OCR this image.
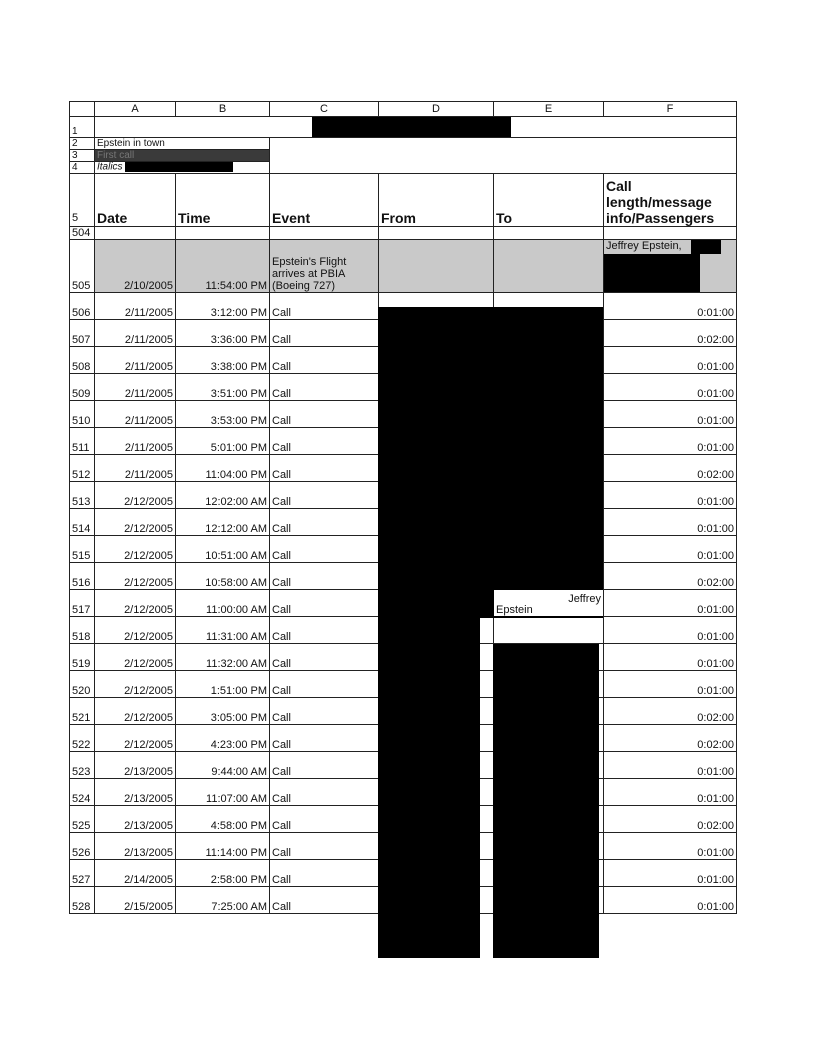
	A	B	C	D	E	F
1						

2	Epstein in town					
3	First call					
4	Italics					
5	Date	Time	Event	From	To	Call length/message info/Passengers
504						
505	2/10/2005	11:54:00 PM	Epstein's Flight arrives at PBIA (Boeing 727)			Jeffrey Epstein,

506	2/11/2005	3:12:00 PM	Call			0:01:00
507	2/11/2005	3:36:00 PM	Call			0:02:00
508	2/11/2005	3:38:00 PM	Call			0:01:00
509	2/11/2005	3:51:00 PM	Call			0:01:00
510	2/11/2005	3:53:00 PM	Call			0:01:00
511	2/11/2005	5:01:00 PM	Call			0:01:00
512	2/11/2005	11:04:00 PM	Call			0:02:00
513	2/12/2005	12:02:00 AM	Call			0:01:00
514	2/12/2005	12:12:00 AM	Call			0:01:00
515	2/12/2005	10:51:00 AM	Call			0:01:00
516	2/12/2005	10:58:00 AM	Call			0:02:00
517	2/12/2005	11:00:00 AM	Call		Jeffrey
Epstein	0:01:00
518	2/12/2005	11:31:00 AM	Call			0:01:00
519	2/12/2005	11:32:00 AM	Call			0:01:00
520	2/12/2005	1:51:00 PM	Call			0:01:00
521	2/12/2005	3:05:00 PM	Call			0:02:00
522	2/12/2005	4:23:00 PM	Call			0:02:00
523	2/13/2005	9:44:00 AM	Call			0:01:00
524	2/13/2005	11:07:00 AM	Call			0:01:00
525	2/13/2005	4:58:00 PM	Call			0:02:00
526	2/13/2005	11:14:00 PM	Call			0:01:00
527	2/14/2005	2:58:00 PM	Call			0:01:00
528	2/15/2005	7:25:00 AM	Call			0:01:00
